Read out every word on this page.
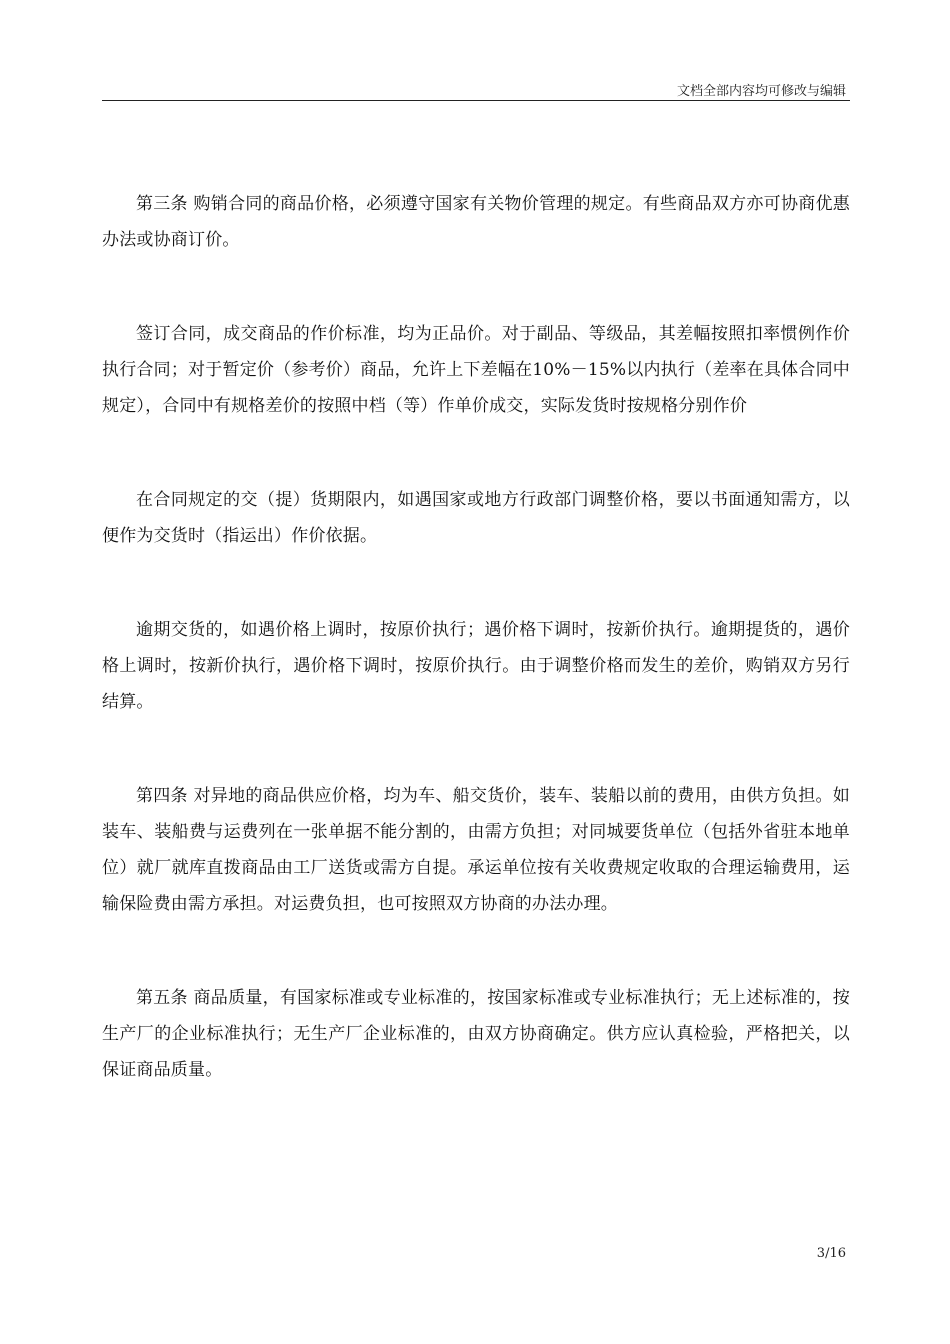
文档全部内容均可修改与编辑

第三条 购销合同的商品价格，必须遵守国家有关物价管理的规定。有些商品双方亦可协商优惠办法或协商订价。

签订合同，成交商品的作价标准，均为正品价。对于副品、等级品，其差幅按照扣率惯例作价执行合同；对于暂定价（参考价）商品，允许上下差幅在10%－15%以内执行（差率在具体合同中规定），合同中有规格差价的按照中档（等）作单价成交，实际发货时按规格分别作价

在合同规定的交（提）货期限内，如遇国家或地方行政部门调整价格，要以书面通知需方，以便作为交货时（指运出）作价依据。

逾期交货的，如遇价格上调时，按原价执行；遇价格下调时，按新价执行。逾期提货的，遇价格上调时，按新价执行，遇价格下调时，按原价执行。由于调整价格而发生的差价，购销双方另行结算。

第四条 对异地的商品供应价格，均为车、船交货价，装车、装船以前的费用，由供方负担。如装车、装船费与运费列在一张单据不能分割的，由需方负担；对同城要货单位（包括外省驻本地单位）就厂就库直拨商品由工厂送货或需方自提。承运单位按有关收费规定收取的合理运输费用，运输保险费由需方承担。对运费负担，也可按照双方协商的办法办理。

第五条 商品质量，有国家标准或专业标准的，按国家标准或专业标准执行；无上述标准的，按生产厂的企业标准执行；无生产厂企业标准的，由双方协商确定。供方应认真检验，严格把关，以保证商品质量。

3/16
